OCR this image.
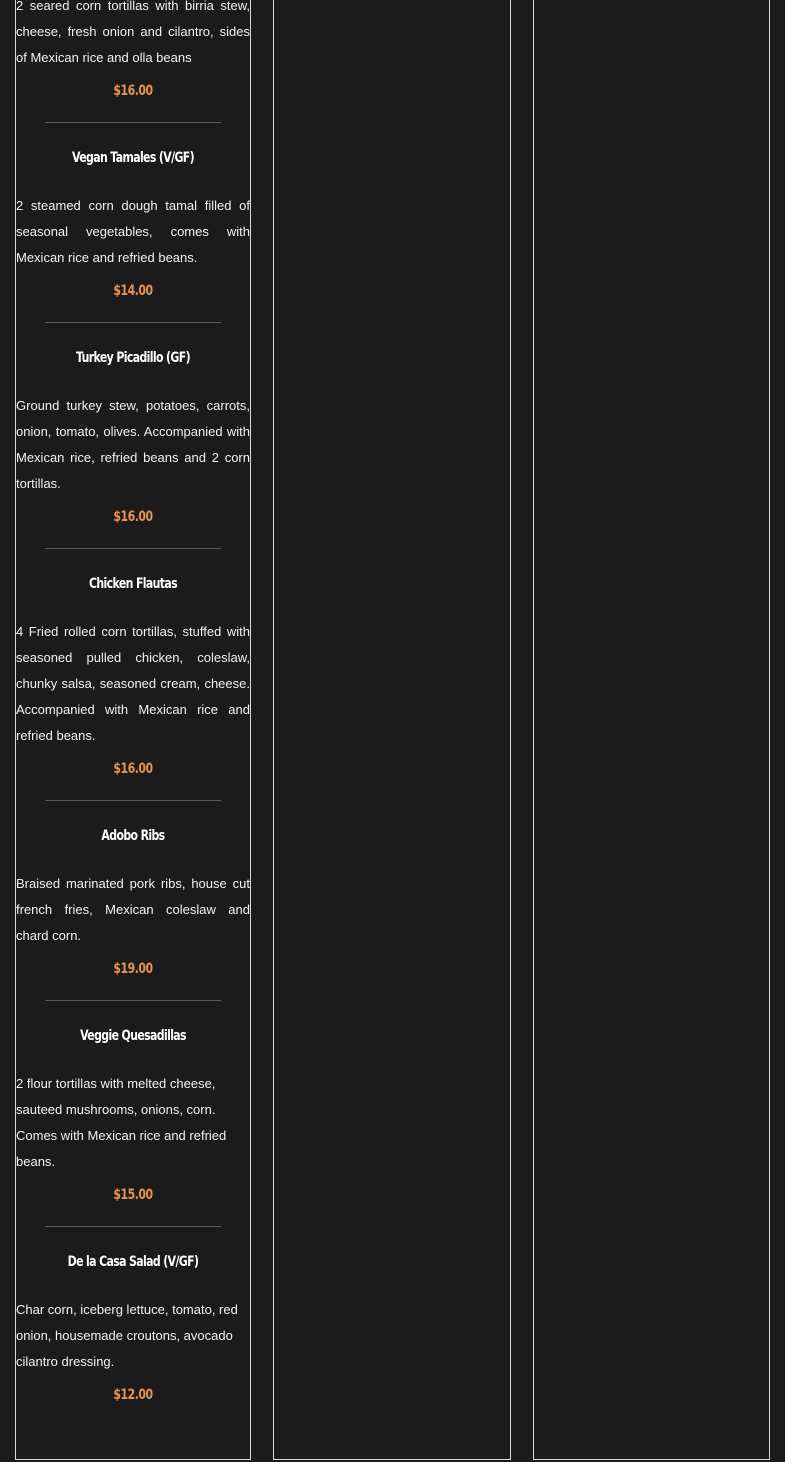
2 seared corn tortillas with birria stew, cheese, fresh onion and cilantro, sides of Mexican rice and olla beans
$16.00
Vegan Tamales (V/GF)
2 steamed corn dough tamal filled of seasonal vegetables, comes with Mexican rice and refried beans.
$14.00
Turkey Picadillo (GF)
Ground turkey stew, potatoes, carrots, onion, tomato, olives. Accompanied with Mexican rice, refried beans and 2 corn tortillas.
$16.00
Chicken Flautas
4 Fried rolled corn tortillas, stuffed with seasoned pulled chicken, coleslaw, chunky salsa, seasoned cream, cheese. Accompanied with Mexican rice and refried beans.
$16.00
Adobo Ribs
Braised marinated pork ribs, house cut french fries, Mexican coleslaw and chard corn.
$19.00
Veggie Quesadillas
2 flour tortillas with melted cheese, sauteed mushrooms, onions, corn. Comes with Mexican rice and refried beans.
$15.00
De la Casa Salad (V/GF)
Char corn, iceberg lettuce, tomato, red onion, housemade croutons, avocado cilantro dressing.
$12.00
